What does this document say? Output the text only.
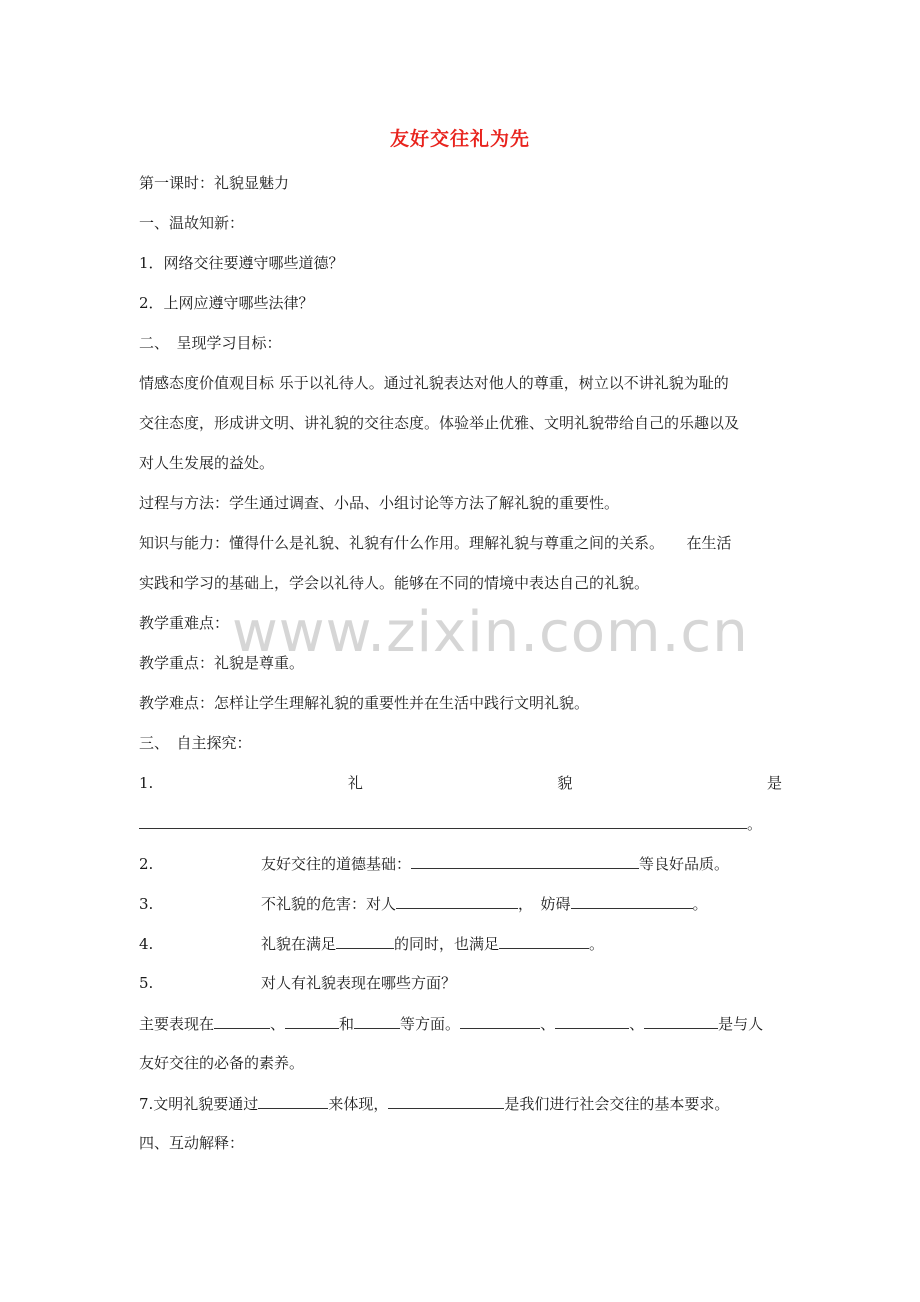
www.zixin.com.cn
友好交往礼为先
第一课时：礼貌显魅力
一、温故知新：
1．网络交往要遵守哪些道德？
2．上网应遵守哪些法律？
二、　呈现学习目标：
情感态度价值观目标 乐于以礼待人。通过礼貌表达对他人的尊重，树立以不讲礼貌为耻的
交往态度，形成讲文明、讲礼貌的交往态度。体验举止优雅、文明礼貌带给自己的乐趣以及
对人生发展的益处。
过程与方法：学生通过调查、小品、小组讨论等方法了解礼貌的重要性。
知识与能力：懂得什么是礼貌、礼貌有什么作用。理解礼貌与尊重之间的关系。　　在生活
实践和学习的基础上，学会以礼待人。能够在不同的情境中表达自己的礼貌。
教学重难点：
教学重点：礼貌是尊重。
教学难点：怎样让学生理解礼貌的重要性并在生活中践行文明礼貌。
三、　自主探究：
1.	礼	貌	是
。
2.	友好交往的道德基础：	等良好品质。
3.	不礼貌的危害：对人	，　妨碍	。
4.	礼貌在满足	的同时，也满足	。
5.	对人有礼貌表现在哪些方面？
主要表现在	、	和	等方面。	、	、	是与人
友好交往的必备的素养。
7.文明礼貌要通过	来体现，	是我们进行社会交往的基本要求。
四、互动解释：
